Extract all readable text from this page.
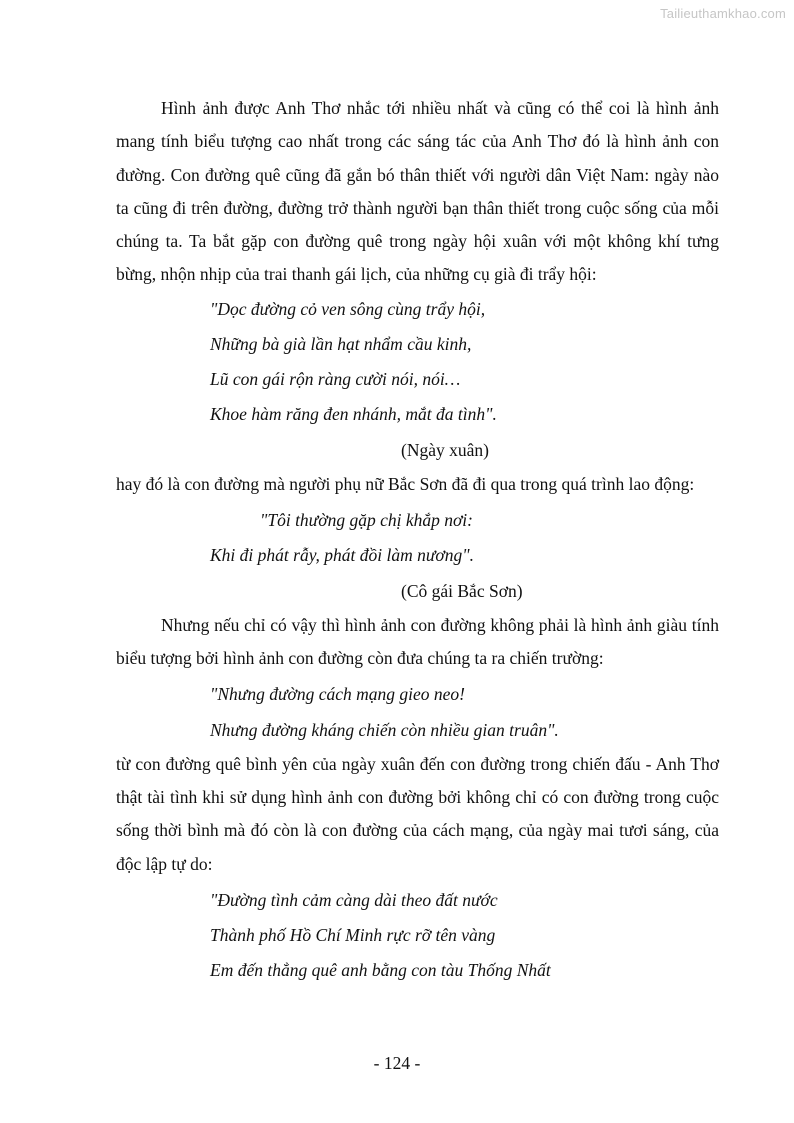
Tailieuthamkhao.com

Hình ảnh được Anh Thơ nhắc tới nhiều nhất và cũng có thể coi là hình ảnh mang tính biểu tượng cao nhất trong các sáng tác của Anh Thơ đó là hình ảnh con đường. Con đường quê cũng đã gắn bó thân thiết với người dân Việt Nam: ngày nào ta cũng đi trên đường, đường trở thành người bạn thân thiết trong cuộc sống của mỗi chúng ta. Ta bắt gặp con đường quê trong ngày hội xuân với một không khí tưng bừng, nhộn nhịp của trai thanh gái lịch, của những cụ già đi trẩy hội:

"Dọc đường cỏ ven sông cùng trẩy hội,

Những bà già lần hạt nhẩm cầu kinh,

Lũ con gái rộn ràng cười nói, nói…

Khoe hàm răng đen nhánh, mắt đa tình".

(Ngày xuân)

hay đó là con đường mà người phụ nữ Bắc Sơn đã đi qua trong quá trình lao động:

"Tôi thường gặp chị khắp nơi:

Khi đi phát rẫy, phát đồi làm nương".

(Cô gái Bắc Sơn)

Nhưng nếu chỉ có vậy thì hình ảnh con đường không phải là hình ảnh giàu tính biểu tượng bởi hình ảnh con đường còn đưa chúng ta ra chiến trường:

"Nhưng đường cách mạng gieo neo!

Nhưng đường kháng chiến còn nhiều gian truân".

từ con đường quê bình yên của ngày xuân đến con đường trong chiến đấu - Anh Thơ thật tài tình khi sử dụng hình ảnh con đường bởi không chỉ có con đường trong cuộc sống thời bình mà đó còn là con đường của cách mạng, của ngày mai tươi sáng, của độc lập tự do:

"Đường tình cảm càng dài theo đất nước

Thành phố Hồ Chí Minh rực rỡ tên vàng

Em đến thẳng quê anh bằng con tàu Thống Nhất

- 124 -
